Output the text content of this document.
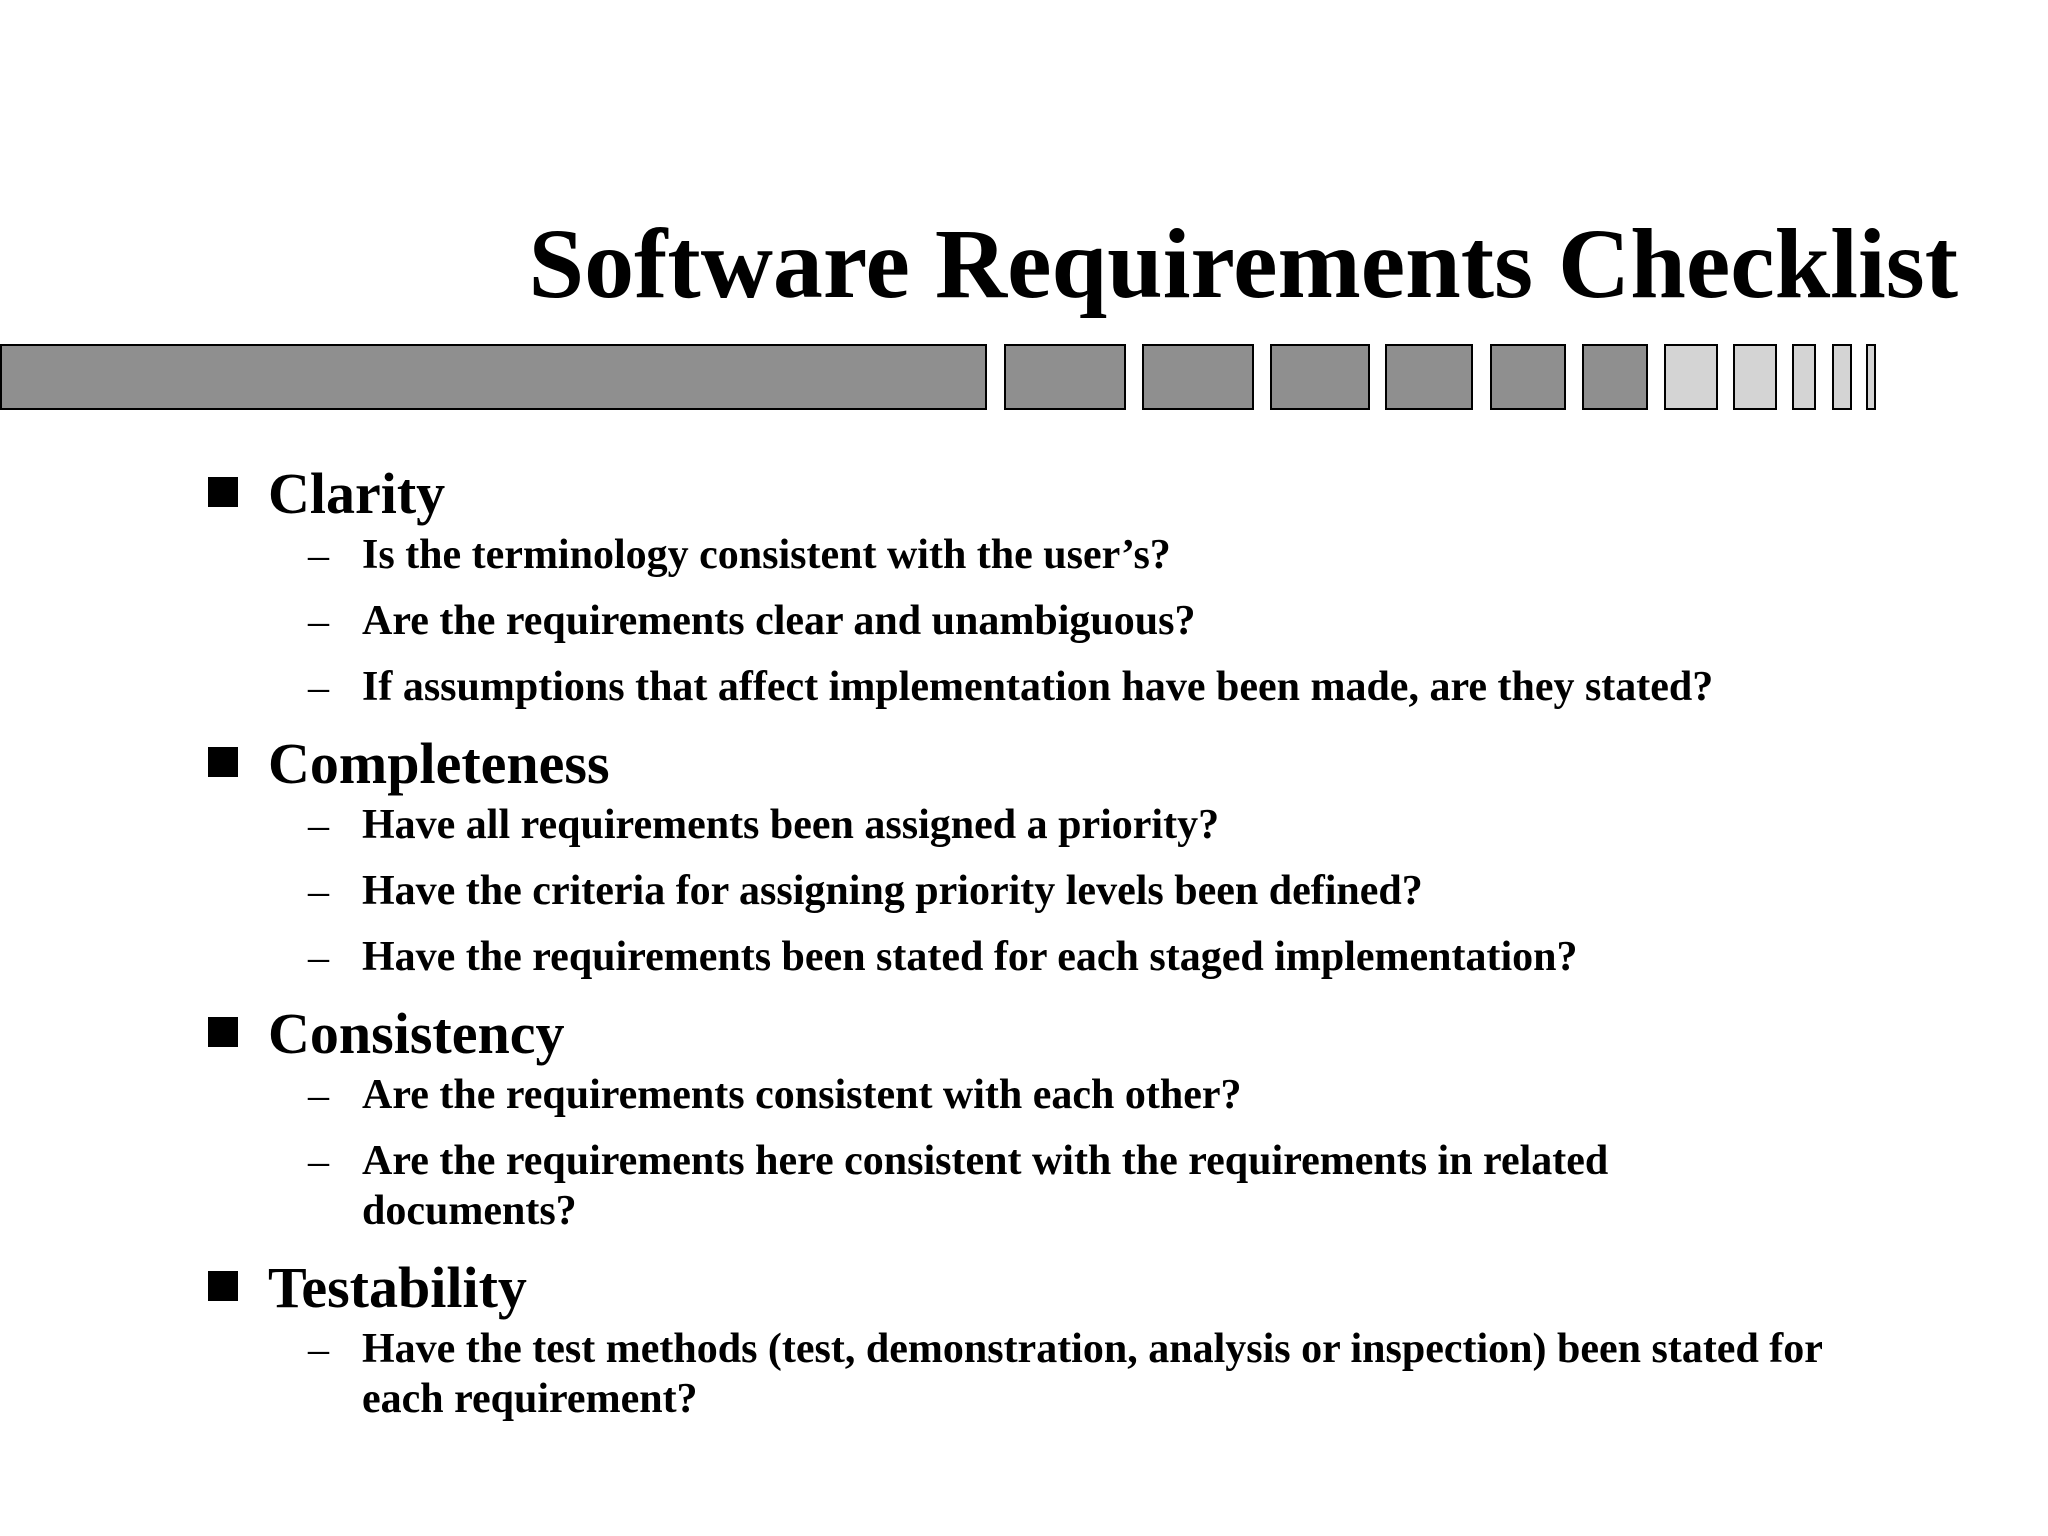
Software Requirements Checklist
Clarity
– Is the terminology consistent with the user’s?
– Are the requirements clear and unambiguous?
– If assumptions that affect implementation have been made, are they stated?
Completeness
– Have all requirements been assigned a priority?
– Have the criteria for assigning priority levels been defined?
– Have the requirements been stated for each staged implementation?
Consistency
– Are the requirements consistent with each other?
– Are the requirements here consistent with the requirements in related documents?
Testability
– Have the test methods (test, demonstration, analysis or inspection) been stated for each requirement?
